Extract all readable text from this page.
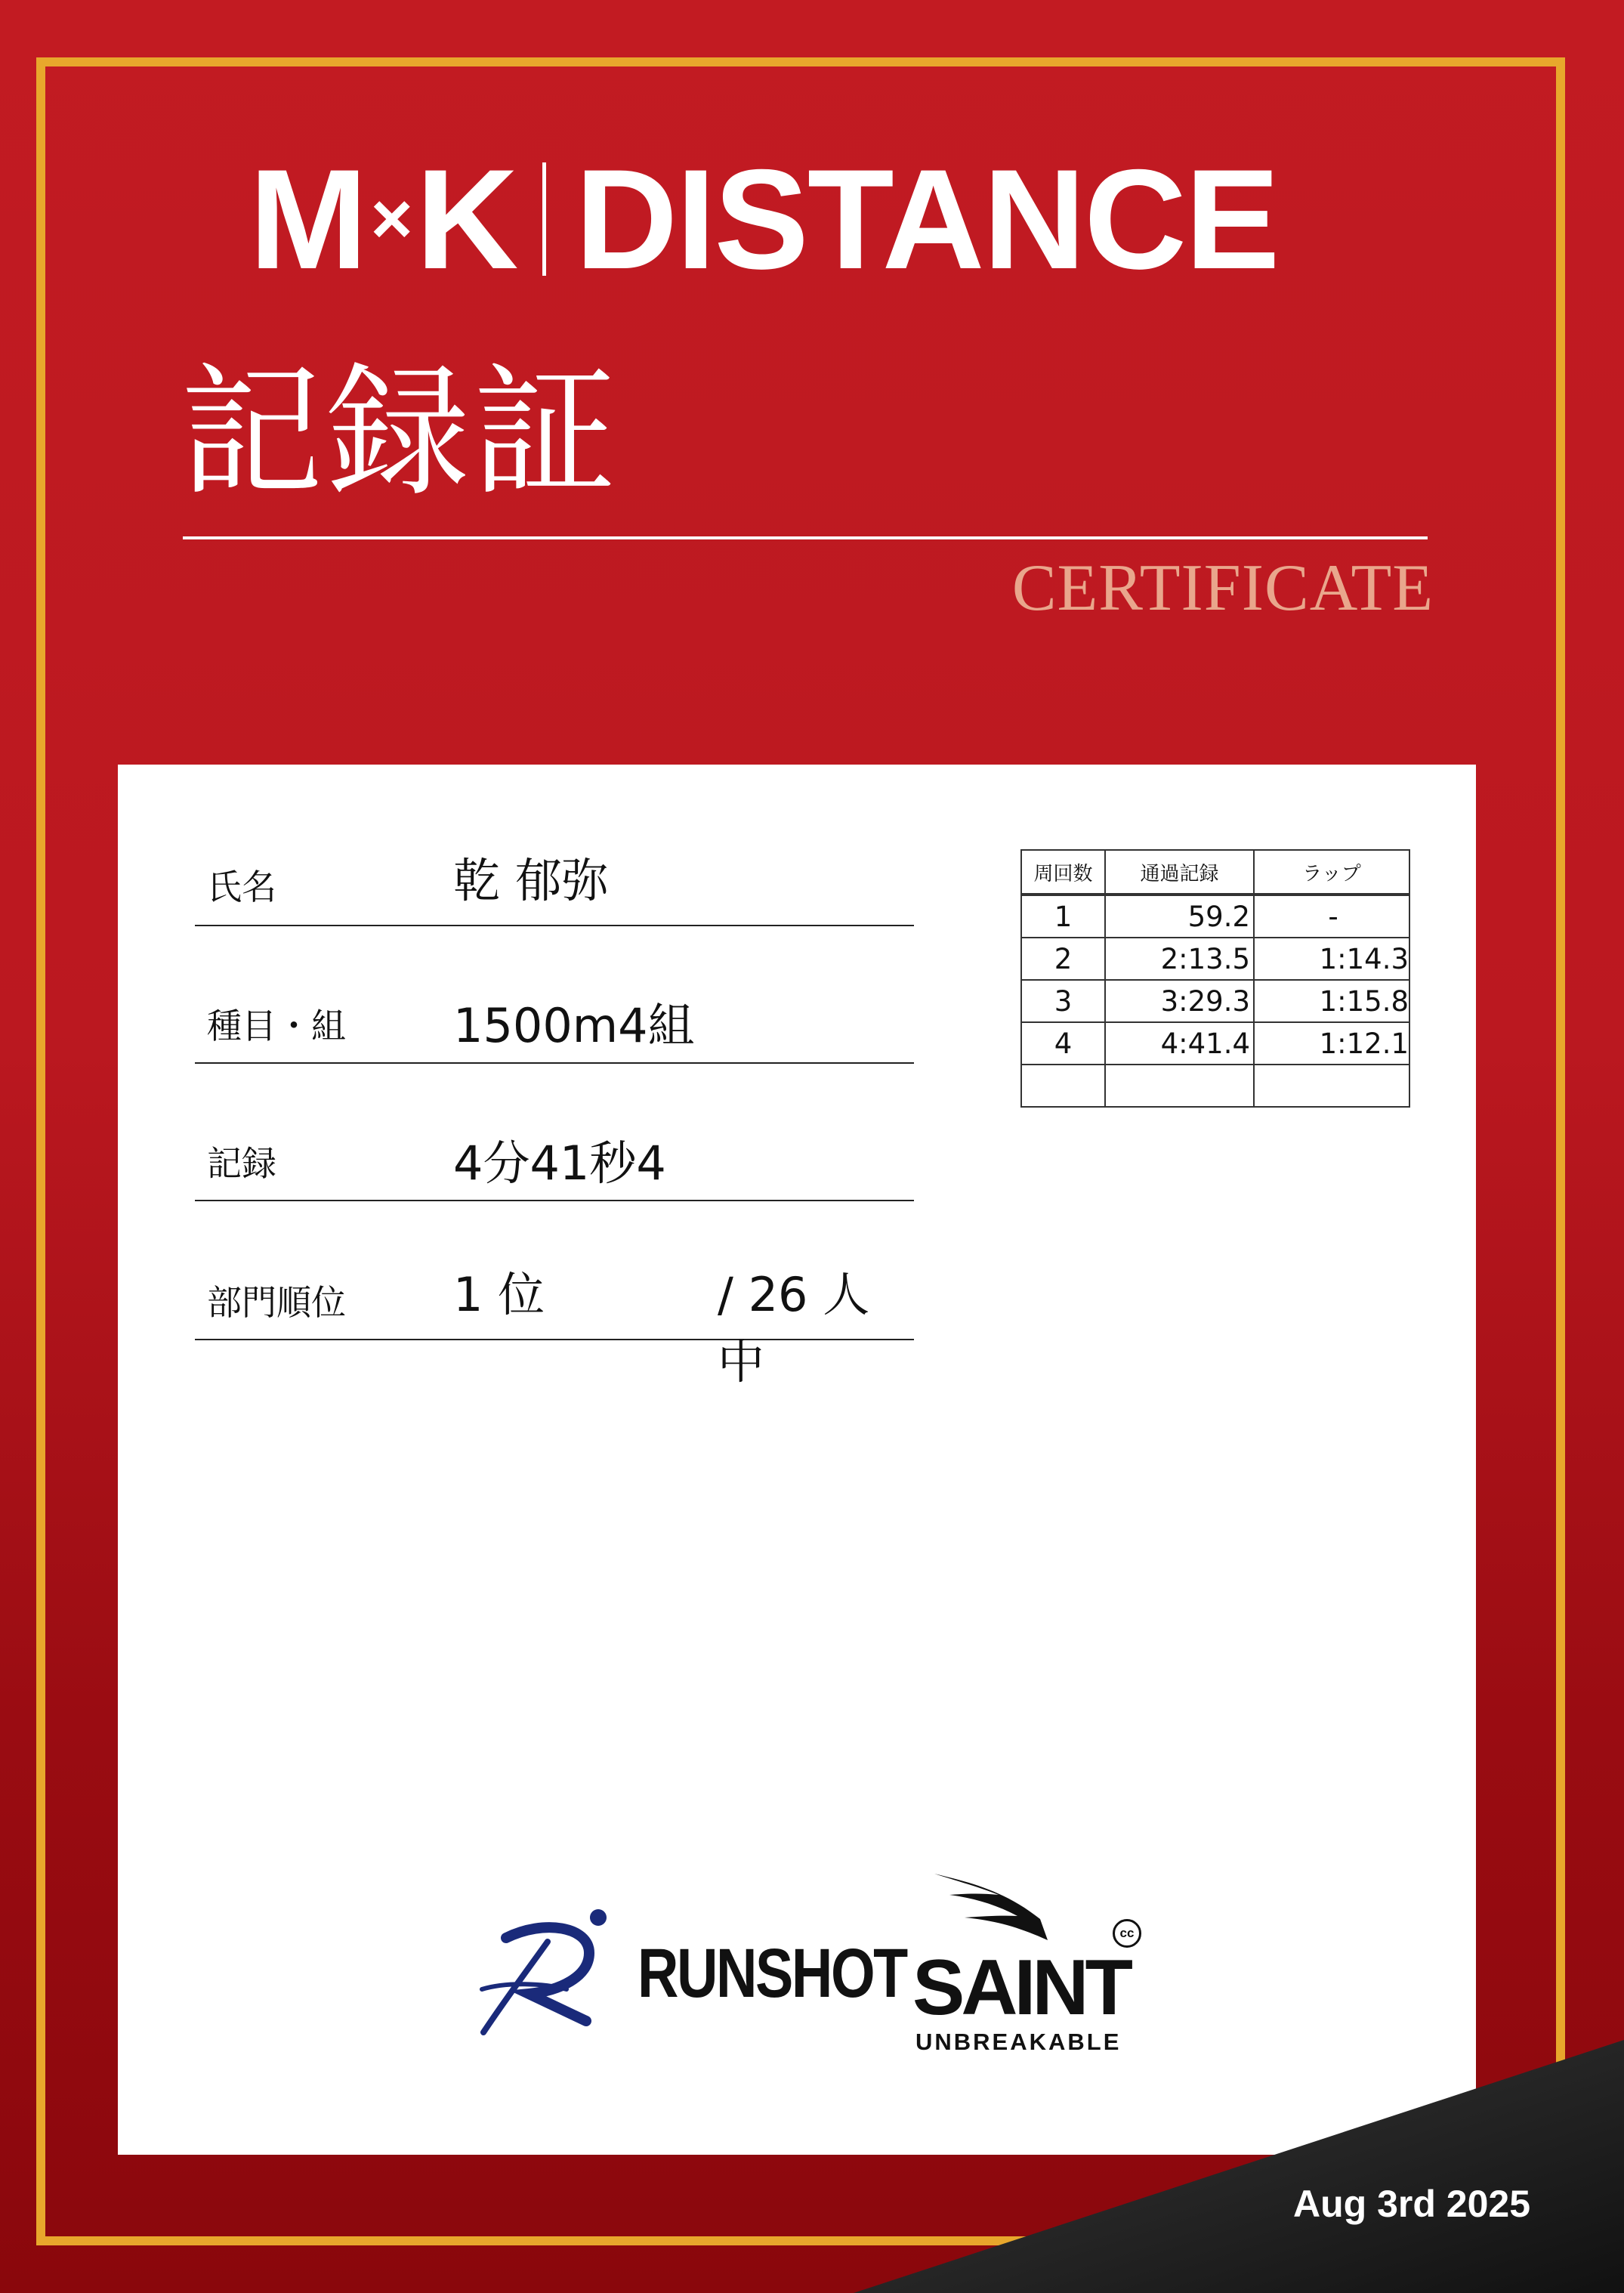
M × K DISTANCE
記録証
CERTIFICATE
氏名	乾 郁弥
種目・組 1500m4組
記録	4分41秒4
部門順位 1 位	/ 26 人中
周回数	通過記録	ラップ
1	59.2	-
2	2:13.5	1:14.3
3	3:29.3	1:15.8
4	4:41.4	1:12.1

RUNSHOT SAINT
UNBREAKABLE
cc
Aug 3rd 2025
